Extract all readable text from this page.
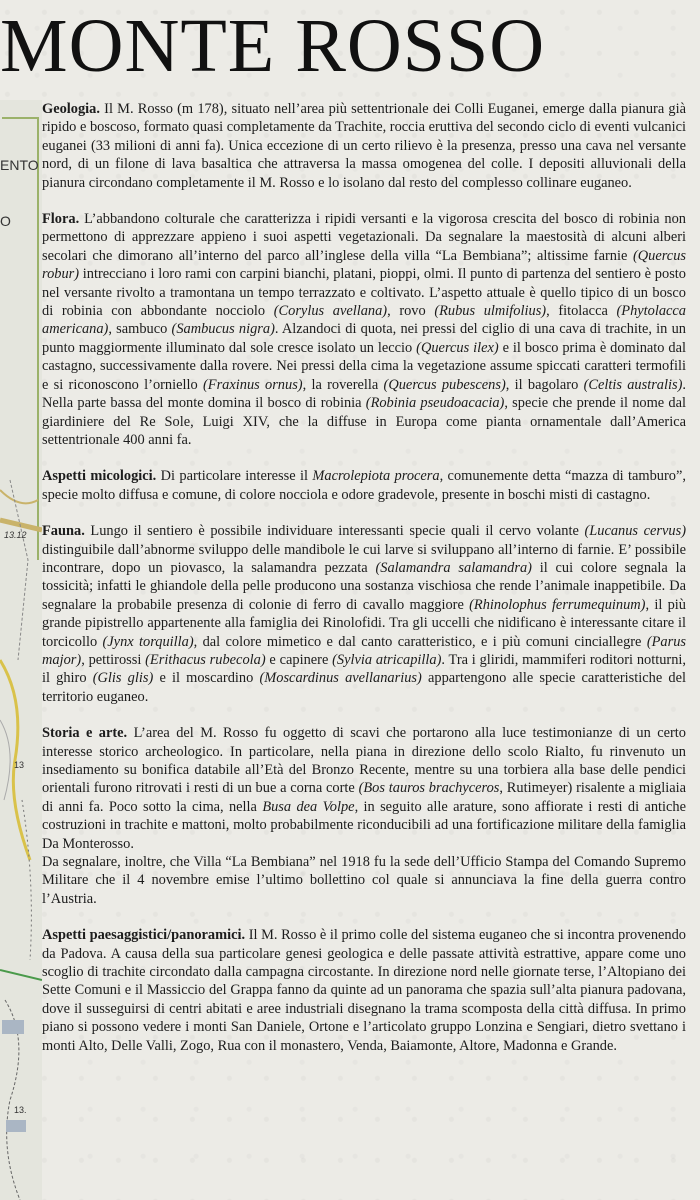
MONTE ROSSO
ENTO
O
13.12
13
13.

Geologia. Il M. Rosso (m 178), situato nell’area più settentrionale dei Colli Euganei, emerge dalla pianura già ripido e boscoso, formato quasi completamente da Trachite, roccia eruttiva del secondo ciclo di eventi vulcanici euganei (33 milioni di anni fa). Unica eccezione di un certo rilievo è la presenza, presso una cava nel versante nord, di un filone di lava basaltica che attraversa la massa omogenea del colle. I depositi alluvionali della pianura circondano completamente il M. Rosso e lo isolano dal resto del complesso collinare euganeo.

Flora. L’abbandono colturale che caratterizza i ripidi versanti e la vigorosa crescita del bosco di robinia non permettono di apprezzare appieno i suoi aspetti vegetazionali. Da segnalare la maestosità di alcuni alberi secolari che dimorano all’interno del parco all’inglese della villa “La Bembiana”; altissime farnie (Quercus robur) intrecciano i loro rami con carpini bianchi, platani, pioppi, olmi. Il punto di partenza del sentiero è posto nel versante rivolto a tramontana un tempo terrazzato e coltivato. L’aspetto attuale è quello tipico di un bosco di robinia con abbondante nocciolo (Corylus avellana), rovo (Rubus ulmifolius), fitolacca (Phytolacca americana), sambuco (Sambucus nigra). Alzandoci di quota, nei pressi del ciglio di una cava di trachite, in un punto maggiormente illuminato dal sole cresce isolato un leccio (Quercus ilex) e il bosco prima è dominato dal castagno, successivamente dalla rovere. Nei pressi della cima la vegetazione assume spiccati caratteri termofili e si riconoscono l’orniello (Fraxinus ornus), la roverella (Quercus pubescens), il bagolaro (Celtis australis). Nella parte bassa del monte domina il bosco di robinia (Robinia pseudoacacia), specie che prende il nome dal giardiniere del Re Sole, Luigi XIV, che la diffuse in Europa come pianta ornamentale dall’America settentrionale 400 anni fa.

Aspetti micologici. Di particolare interesse il Macrolepiota procera, comunemente detta “mazza di tamburo”, specie molto diffusa e comune, di colore nocciola e odore gradevole, presente in boschi misti di castagno.

Fauna. Lungo il sentiero è possibile individuare interessanti specie quali il cervo volante (Lucanus cervus) distinguibile dall’abnorme sviluppo delle mandibole le cui larve si sviluppano all’interno di farnie. E’ possibile incontrare, dopo un piovasco, la salamandra pezzata (Salamandra salamandra) il cui colore segnala la tossicità; infatti le ghiandole della pelle producono una sostanza vischiosa che rende l’animale inappetibile. Da segnalare la probabile presenza di colonie di ferro di cavallo maggiore (Rhinolophus ferrumequinum), il più grande pipistrello appartenente alla famiglia dei Rinolofidi. Tra gli uccelli che nidificano è interessante citare il torcicollo (Jynx torquilla), dal colore mimetico e dal canto caratteristico, e i più comuni cinciallegre (Parus major), pettirossi (Erithacus rubecola) e capinere (Sylvia atricapilla). Tra i gliridi, mammiferi roditori notturni, il ghiro (Glis glis) e il moscardino (Moscardinus avellanarius) appartengono alle specie caratteristiche del territorio euganeo.

Storia e arte. L’area del M. Rosso fu oggetto di scavi che portarono alla luce testimonianze di un certo interesse storico archeologico. In particolare, nella piana in direzione dello scolo Rialto, fu rinvenuto un insediamento su bonifica databile all’Età del Bronzo Recente, mentre su una torbiera alla base delle pendici orientali furono ritrovati i resti di un bue a corna corte (Bos tauros brachyceros, Rutimeyer) risalente a migliaia di anni fa. Poco sotto la cima, nella Busa dea Volpe, in seguito alle arature, sono affiorate i resti di antiche costruzioni in trachite e mattoni, molto probabilmente riconducibili ad una fortificazione militare della famiglia Da Monterosso.

Da segnalare, inoltre, che Villa “La Bembiana” nel 1918 fu la sede dell’Ufficio Stampa del Comando Supremo Militare che il 4 novembre emise l’ultimo bollettino col quale si annunciava la fine della guerra contro l’Austria.

Aspetti paesaggistici/panoramici. Il M. Rosso è il primo colle del sistema euganeo che si incontra provenendo da Padova. A causa della sua particolare genesi geologica e delle passate attività estrattive, appare come uno scoglio di trachite circondato dalla campagna circostante. In direzione nord nelle giornate terse, l’Altopiano dei Sette Comuni e il Massiccio del Grappa fanno da quinte ad un panorama che spazia sull’alta pianura padovana, dove il susseguirsi di centri abitati e aree industriali disegnano la trama scomposta della città diffusa. In primo piano si possono vedere i monti San Daniele, Ortone e l’articolato gruppo Lonzina e Sengiari, dietro svettano i monti Alto, Delle Valli, Zogo, Rua con il monastero, Venda, Baiamonte, Altore, Madonna e Grande.
